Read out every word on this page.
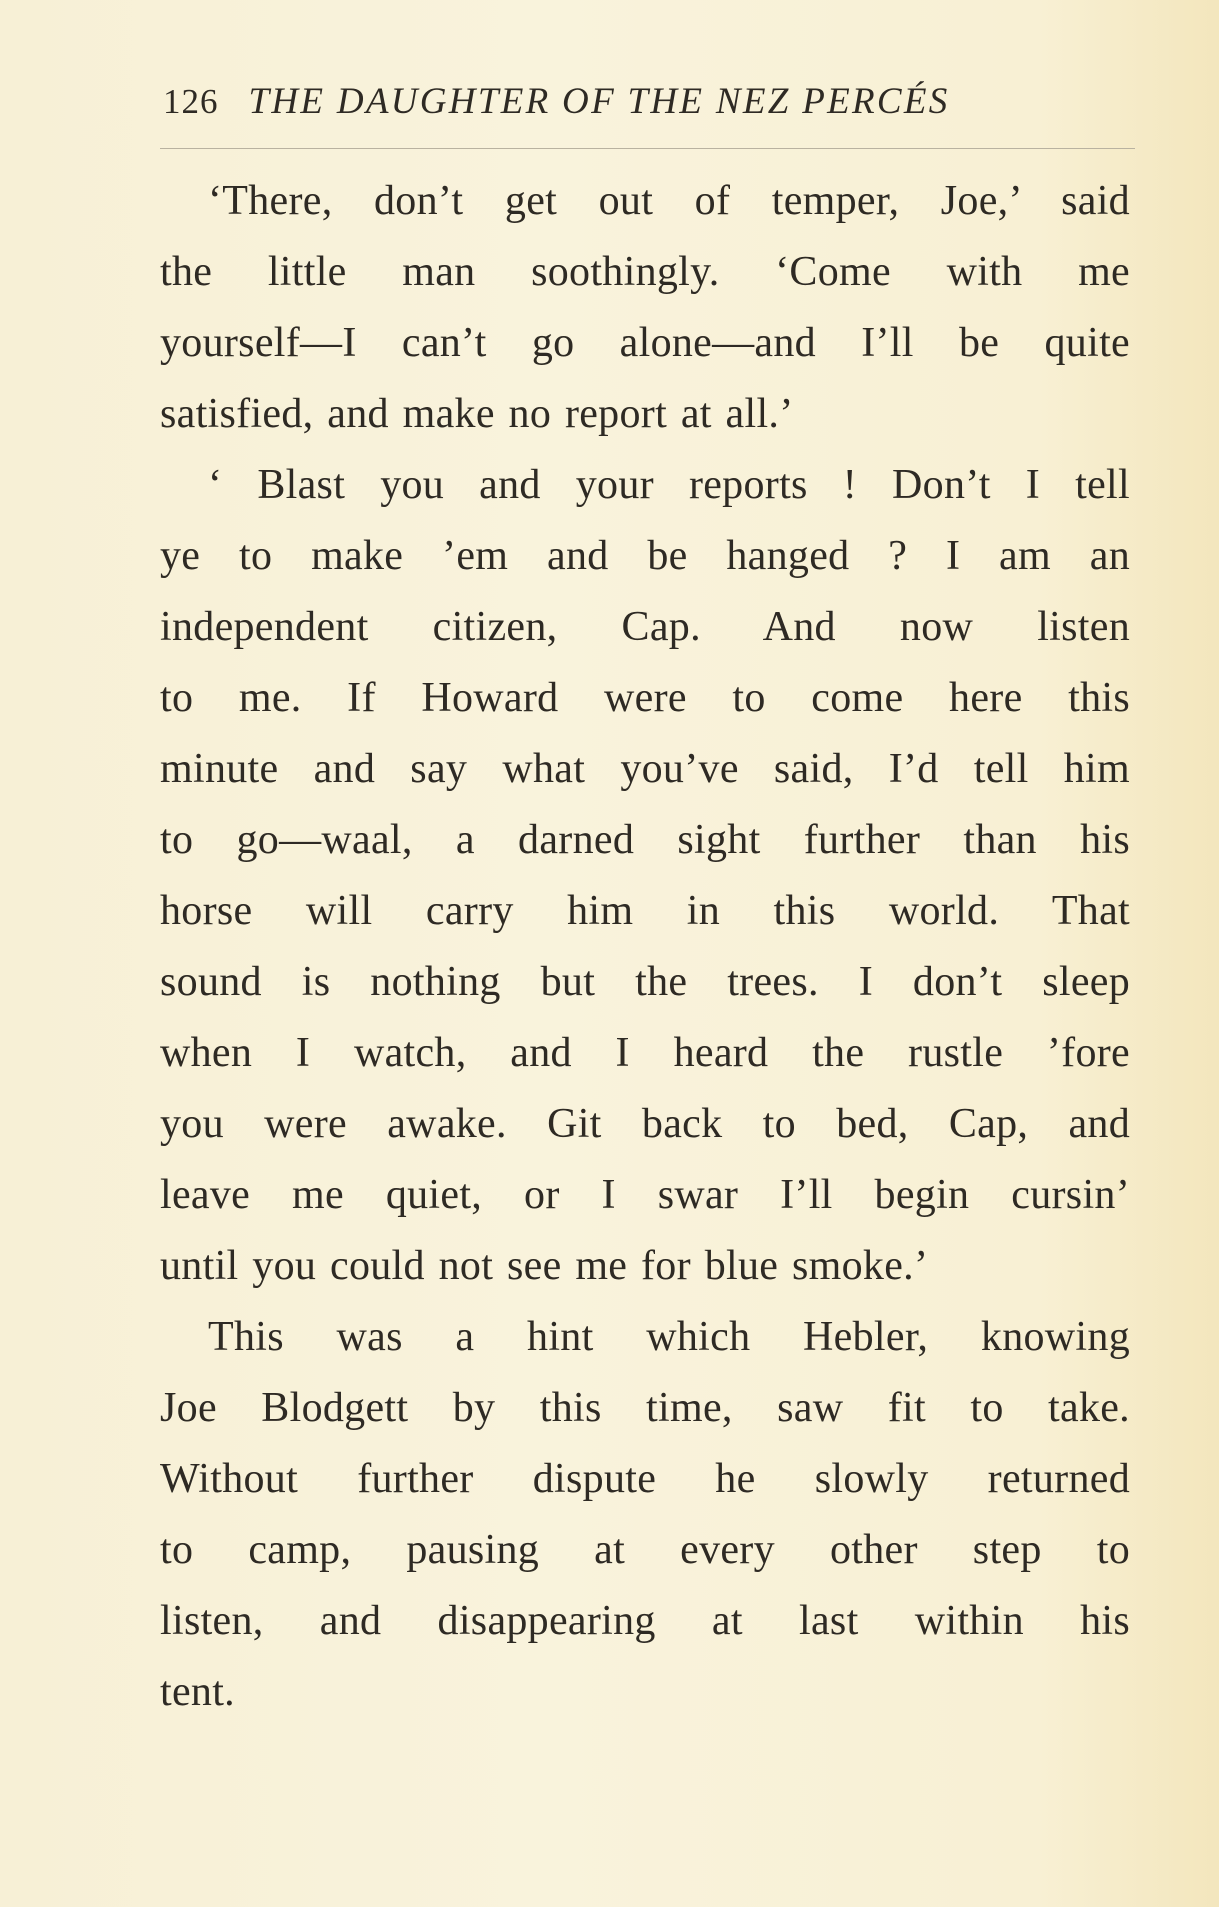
126 THE DAUGHTER OF THE NEZ PERCÉS
‘There, don’t get out of temper, Joe,’ said
the little man soothingly. ‘Come with me
yourself—I can’t go alone—and I’ll be quite
satisfied, and make no report at all.’
‘ Blast you and your reports ! Don’t I tell
ye to make ’em and be hanged ? I am an
independent citizen, Cap. And now listen
to me. If Howard were to come here this
minute and say what you’ve said, I’d tell him
to go—waal, a darned sight further than his
horse will carry him in this world. That
sound is nothing but the trees. I don’t sleep
when I watch, and I heard the rustle ’fore
you were awake. Git back to bed, Cap, and
leave me quiet, or I swar I’ll begin cursin’
until you could not see me for blue smoke.’
This was a hint which Hebler, knowing
Joe Blodgett by this time, saw fit to take.
Without further dispute he slowly returned
to camp, pausing at every other step to
listen, and disappearing at last within his
tent.
